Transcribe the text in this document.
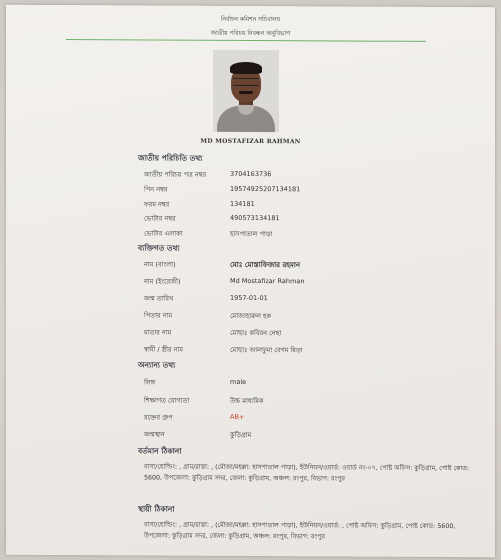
নির্বাচন কমিশন সচিবালয়
জাতীয় পরিচয় নিবন্ধন অনুবিভাগ
MD MOSTAFIZAR RAHMAN
জাতীয় পরিচিতি তথ্য
জাতীয় পরিচয় পত্র নম্বর	3704163736
পিন নম্বর	19574925207134181
ফরম নম্বর	134181
ভোটার নম্বর	490573134181
ভোটার এলাকা	হাসপাতাল পাড়া
ব্যক্তিগত তথ্য
নাম (বাংলা)	মোঃ মোস্তাফিজার রহমান
নাম (ইংরেজী)	Md Mostafizar Rahman
জন্ম তারিখ	1957-01-01
পিতার নাম	মোজাহারুল হক
মাতার নাম	মোছাঃ কবিরন নেছা
স্বামী / স্ত্রীর নাম	মোছাঃ আলফুমা বেগম মিতা
অন্যান্য তথ্য
লিঙ্গ	male
শিক্ষাগত যোগ্যতা	উচ্চ মাধ্যমিক
রক্তের গ্রুপ	AB+
জন্মস্থান	কুড়িগ্রাম
বর্তমান ঠিকানা
বাসা/হোল্ডিং: , গ্রাম/রাস্তা: , (মৌজা/মহল্লা: হাসপাতাল পাড়া), ইউনিয়ন/ওয়ার্ড: ওয়ার্ড নং-০৭, পোষ্ট অফিস: কুড়িগ্রাম, পোষ্ট কোড: 5600, উপজেলা: কুড়িগ্রাম সদর, জেলা: কুড়িগ্রাম, অঞ্চল: রংপুর, বিভাগ: রংপুর
স্থায়ী ঠিকানা
বাসা/হোল্ডিং: , গ্রাম/রাস্তা: , (মৌজা/মহল্লা: হাসপাতাল পাড়া), ইউনিয়ন/ওয়ার্ড: , পোষ্ট অফিস: কুড়িগ্রাম, পোষ্ট কোড: 5600, উপজেলা: কুড়িগ্রাম সদর, জেলা: কুড়িগ্রাম, অঞ্চল: রংপুর, বিভাগ: রংপুর
